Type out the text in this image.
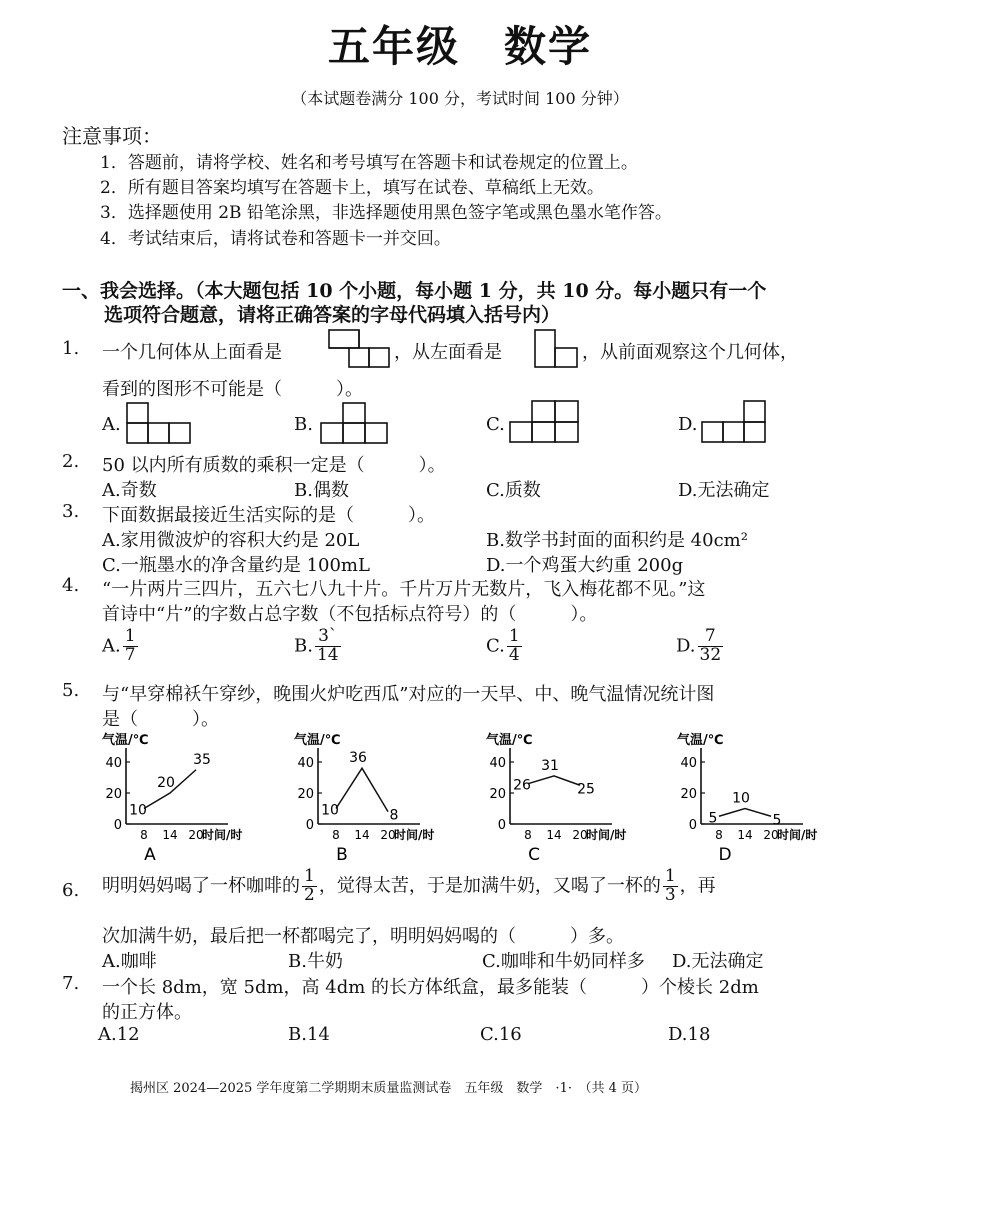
五年级　数学
（本试题卷满分 100 分，考试时间 100 分钟）
注意事项：
1．答题前，请将学校、姓名和考号填写在答题卡和试卷规定的位置上。
2．所有题目答案均填写在答题卡上，填写在试卷、草稿纸上无效。
3．选择题使用 2B 铅笔涂黑，非选择题使用黑色签字笔或黑色墨水笔作答。
4．考试结束后，请将试卷和答题卡一并交回。
一、我会选择。（本大题包括 10 个小题，每小题 1 分，共 10 分。每小题只有一个
选项符合题意，请将正确答案的字母代码填入括号内）
1. 一个几何体从上面看是	，从左面看是	，从前面观察这个几何体，
看到的图形不可能是（	）。
A.	B.	C.	D.
2. 50 以内所有质数的乘积一定是（	）。
A.奇数	B.偶数	C.质数	D.无法确定
3. 下面数据最接近生活实际的是（	）。
A.家用微波炉的容积大约是 20L	B.数学书封面的面积约是 40cm²
C.一瓶墨水的净含量约是 100mL	D.一个鸡蛋大约重 200g
4. “一片两片三四片，五六七八九十片。千片万片无数片，飞入梅花都不见。”这
首诗中“片”的字数占总字数（不包括标点符号）的（	）。
A. $\frac{1}{7}$	B. $\frac{3`}{14}$	C. $\frac{1}{4}$	D. $\frac{7}{32}$
5. 与“早穿棉袄午穿纱，晚围火炉吃西瓜”对应的一天早、中、晚气温情况统计图
是（	）。
气温/℃
40
20
0
8 14 20
时间/时
10
20
35
A
气温/℃
40
20
0
8 14 20
时间/时
10
36
8
B
气温/℃
40
20
0
8 14 20
时间/时
26
31
25
C
气温/℃
40
20
0
8 14 20
时间/时
5
10
5
D
6. 明明妈妈喝了一杯咖啡的 $\frac{1}{2}$ ，觉得太苦，于是加满牛奶，又喝了一杯的 $\frac{1}{3}$ ，再
次加满牛奶，最后把一杯都喝完了，明明妈妈喝的（	）多。
A.咖啡	B.牛奶	C.咖啡和牛奶同样多 D.无法确定
7. 一个长 8dm，宽 5dm，高 4dm 的长方体纸盒，最多能装（	）个棱长 2dm
的正方体。
A.12	B.14	C.16	D.18
揭州区 2024—2025 学年度第二学期期末质量监测试卷　五年级　数学　·1·　（共 4 页）
